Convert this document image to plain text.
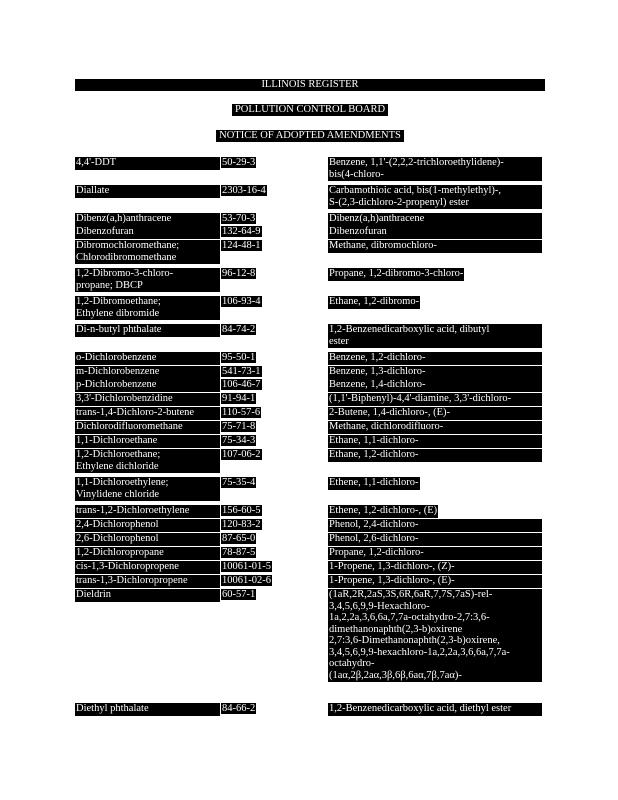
ILLINOIS REGISTER
POLLUTION CONTROL BOARD
NOTICE OF ADOPTED AMENDMENTS
4,4'-DDT	50-29-3	Benzene, 1,1'-(2,2,2-trichloroethylidene)-
bis(4-chloro-
Diallate	2303-16-4	Carbamothioic acid, bis(1-methylethyl)-,
S-(2,3-dichloro-2-propenyl) ester
Dibenz(a,h)anthracene	53-70-3	Dibenz(a,h)anthracene
Dibenzofuran	132-64-9	Dibenzofuran
Dibromochloromethane;
Chlorodibromomethane
124-48-1	Methane, dibromochloro-
1,2-Dibromo-3-chloro-
propane; DBCP
96-12-8	Propane, 1,2-dibromo-3-chloro-
1,2-Dibromoethane;
Ethylene dibromide
106-93-4	Ethane, 1,2-dibromo-
Di-n-butyl phthalate	84-74-2	1,2-Benzenedicarboxylic acid, dibutyl
ester
o-Dichlorobenzene	95-50-1	Benzene, 1,2-dichloro-
m-Dichlorobenzene	541-73-1	Benzene, 1,3-dichloro-
p-Dichlorobenzene	106-46-7	Benzene, 1,4-dichloro-
3,3'-Dichlorobenzidine	91-94-1	(1,1'-Biphenyl)-4,4'-diamine, 3,3'-dichloro-
trans-1,4-Dichloro-2-butene	110-57-6	2-Butene, 1,4-dichloro-, (E)-
Dichlorodifluoromethane	75-71-8	Methane, dichlorodifluoro-
1,1-Dichloroethane	75-34-3	Ethane, 1,1-dichloro-
1,2-Dichloroethane;
Ethylene dichloride
107-06-2	Ethane, 1,2-dichloro-
1,1-Dichloroethylene;
Vinylidene chloride
75-35-4	Ethene, 1,1-dichloro-
trans-1,2-Dichloroethylene	156-60-5	Ethene, 1,2-dichloro-, (E)
2,4-Dichlorophenol	120-83-2	Phenol, 2,4-dichloro-
2,6-Dichlorophenol	87-65-0	Phenol, 2,6-dichloro-
1,2-Dichloropropane	78-87-5	Propane, 1,2-dichloro-
cis-1,3-Dichloropropene	10061-01-5	1-Propene, 1,3-dichloro-, (Z)-
trans-1,3-Dichloropropene	10061-02-6	1-Propene, 1,3-dichloro-, (E)-
Dieldrin	60-57-1	(1aR,2R,2aS,3S,6R,6aR,7,7S,7aS)-rel-
3,4,5,6,9,9-Hexachloro-
1a,2,2a,3,6,6a,7,7a-octahydro-2,7:3,6-
dimethanonaphth(2,3-b)oxirene
2,7:3,6-Dimethanonaphth(2,3-b)oxirene,
3,4,5,6,9,9-hexachloro-1a,2,2a,3,6,6a,7,7a-
octahydro-
(1aα,2β,2aα,3β,6β,6aα,7β,7aα)-
Diethyl phthalate	84-66-2	1,2-Benzenedicarboxylic acid, diethyl ester
